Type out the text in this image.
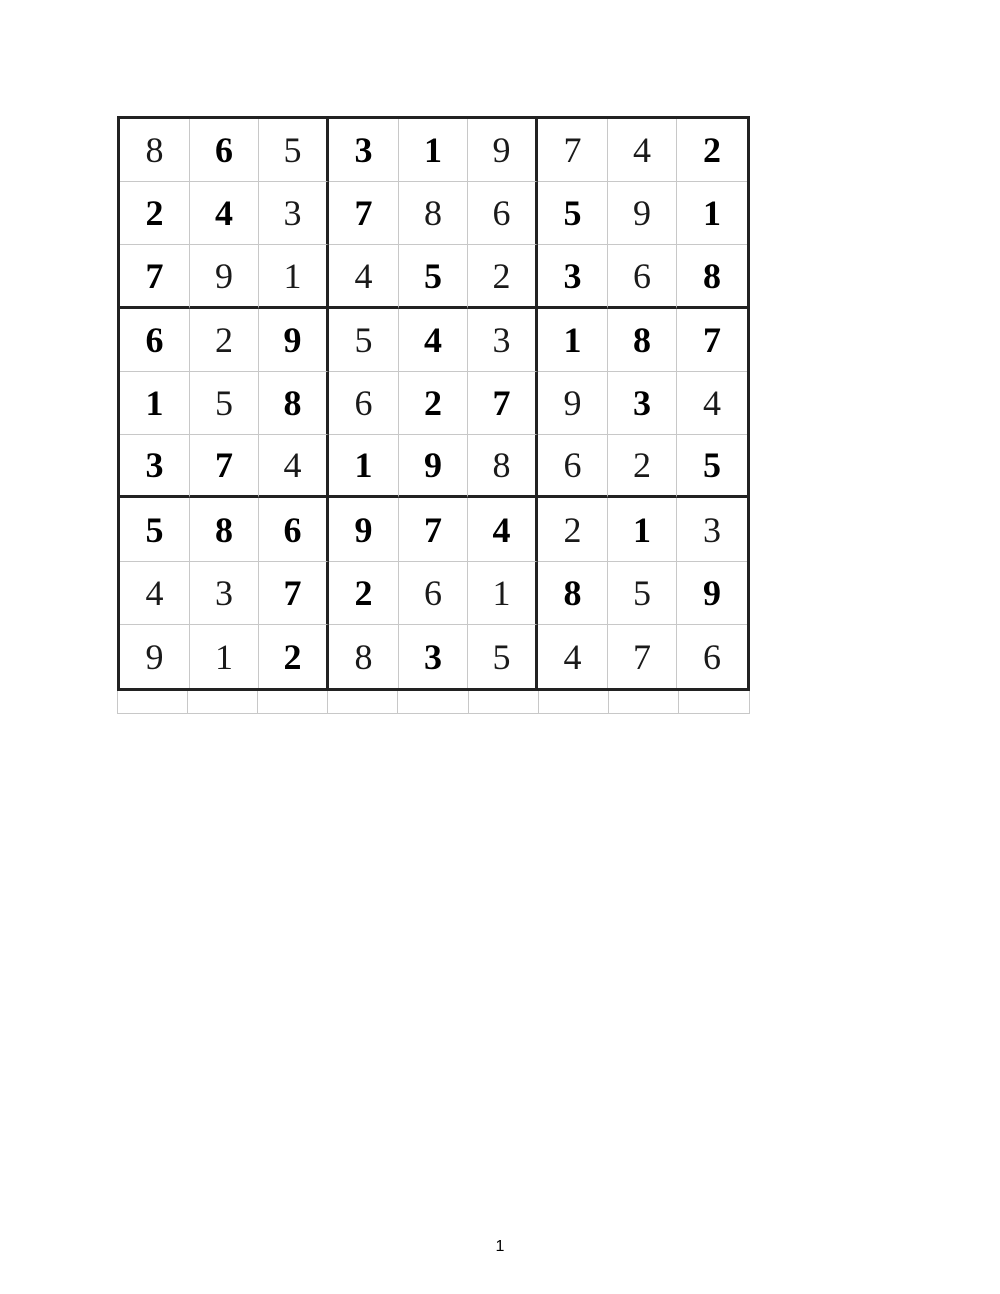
8	6	5	3	1	9	7	4	2
2	4	3	7	8	6	5	9	1
7	9	1	4	5	2	3	6	8
6	2	9	5	4	3	1	8	7
1	5	8	6	2	7	9	3	4
3	7	4	1	9	8	6	2	5
5	8	6	9	7	4	2	1	3
4	3	7	2	6	1	8	5	9
9	1	2	8	3	5	4	7	6
1
